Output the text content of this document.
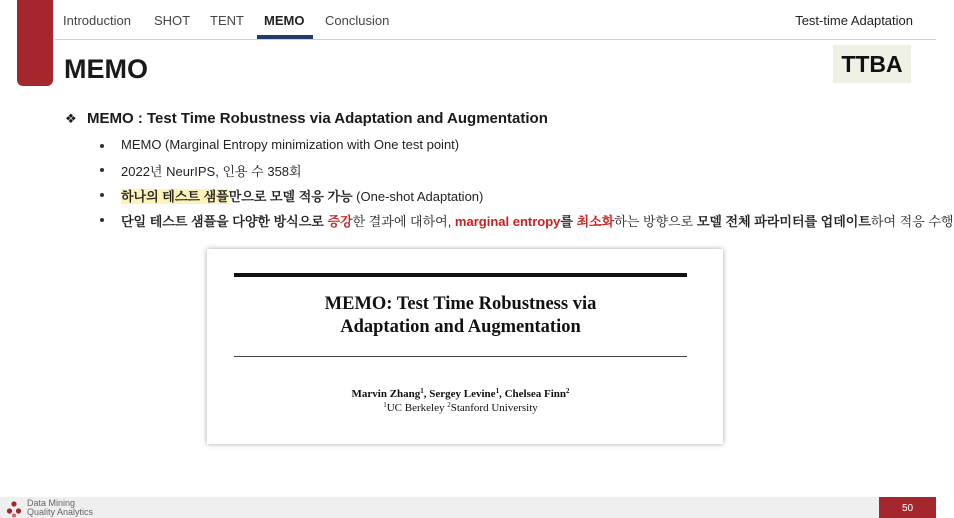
Introduction SHOT TENT MEMO Conclusion	Test-time Adaptation
MEMO	TTBA
❖ MEMO : Test Time Robustness via Adaptation and Augmentation
MEMO (Marginal Entropy minimization with One test point)
2022년 NeurIPS, 인용 수 358회
하나의 테스트 샘플만으로 모델 적응 가능 (One-shot Adaptation)
단일 테스트 샘플을 다양한 방식으로 증강한 결과에 대하여, marginal entropy를 최소화하는 방향으로 모델 전체 파라미터를 업데이트하여 적응 수행
MEMO: Test Time Robustness via
Adaptation and Augmentation
Marvin Zhang$^1$, Sergey Levine$^1$, Chelsea Finn$^2$
$^1$UC Berkeley $^2$Stanford University
Data Mining
Quality Analytics	50
